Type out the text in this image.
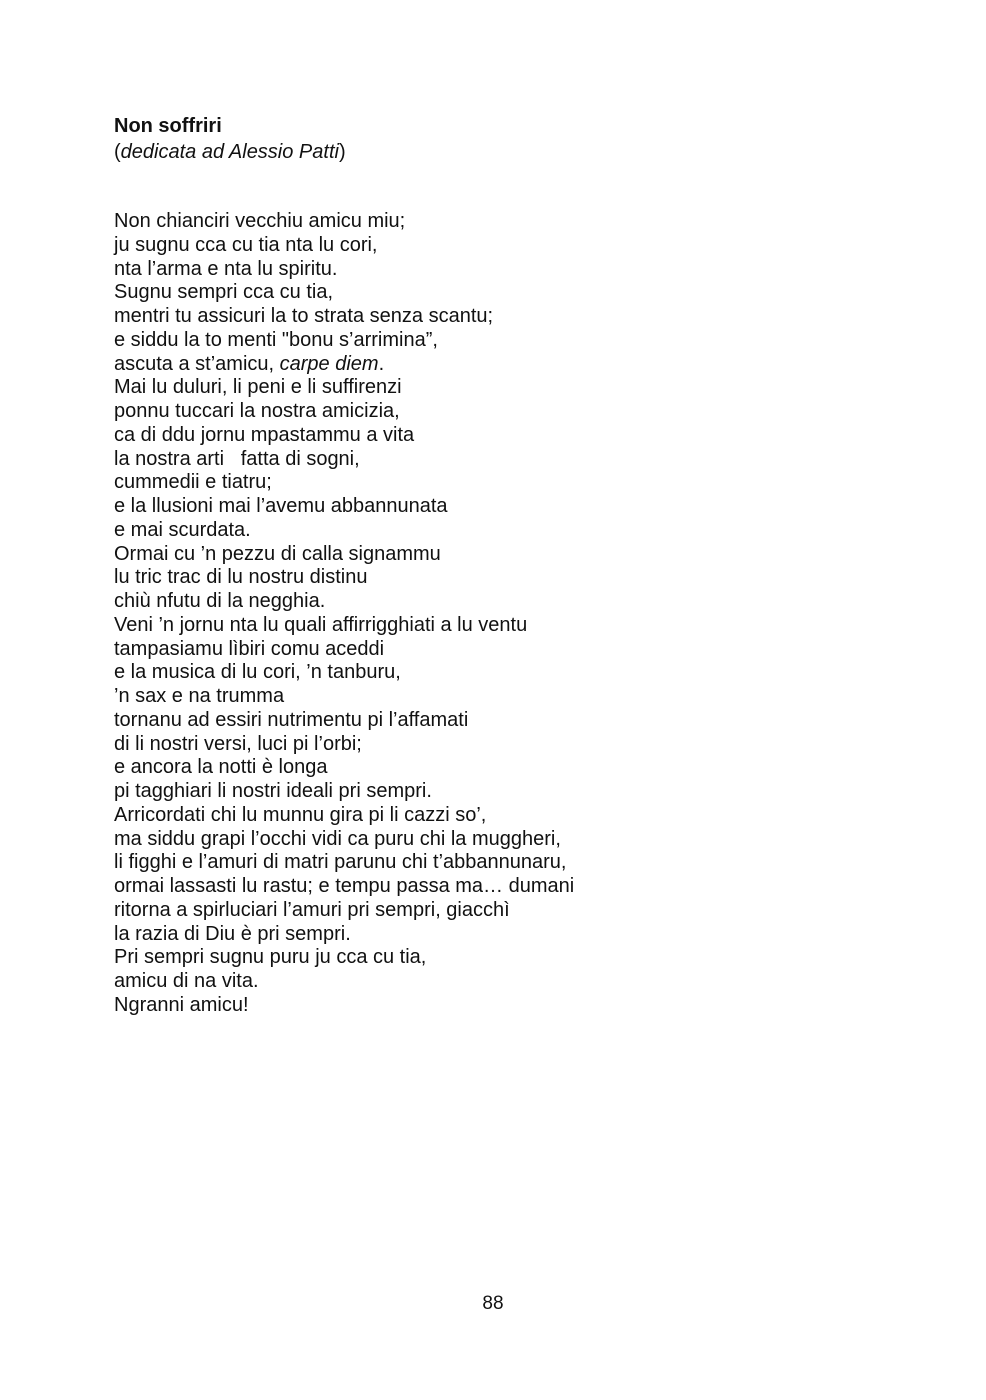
Non soffriri

(dedicata ad Alessio Patti)

Non chianciri vecchiu amicu miu;
ju sugnu cca cu tia nta lu cori,
nta l’arma e nta lu spiritu.
Sugnu sempri cca cu tia,
mentri tu assicuri la to strata senza scantu;
e siddu la to menti "bonu s’arrimina”,
ascuta a st’amicu, carpe diem.
Mai lu duluri, li peni e li suffirenzi
ponnu tuccari la nostra amicizia,
ca di ddu jornu mpastammu a vita
la nostra arti   fatta di sogni,
cummedii e tiatru;
e la llusioni mai l’avemu abbannunata
e mai scurdata.
Ormai cu ’n pezzu di calla signammu
lu tric trac di lu nostru distinu
chiù nfutu di la negghia.
Veni ’n jornu nta lu quali affirrigghiati a lu ventu
tampasiamu lìbiri comu aceddi
e la musica di lu cori, ’n tanburu,
’n sax e na trumma
tornanu ad essiri nutrimentu pi l’affamati
di li nostri versi, luci pi l’orbi;
e ancora la notti è longa
pi tagghiari li nostri ideali pri sempri.
Arricordati chi lu munnu gira pi li cazzi so’,
ma siddu grapi l’occhi vidi ca puru chi la muggheri,
li figghi e l’amuri di matri parunu chi t’abbannunaru,
ormai lassasti lu rastu; e tempu passa ma… dumani
ritorna a spirluciari l’amuri pri sempri, giacchì
la razia di Diu è pri sempri.
Pri sempri sugnu puru ju cca cu tia,
amicu di na vita.
Ngranni amicu!
88
